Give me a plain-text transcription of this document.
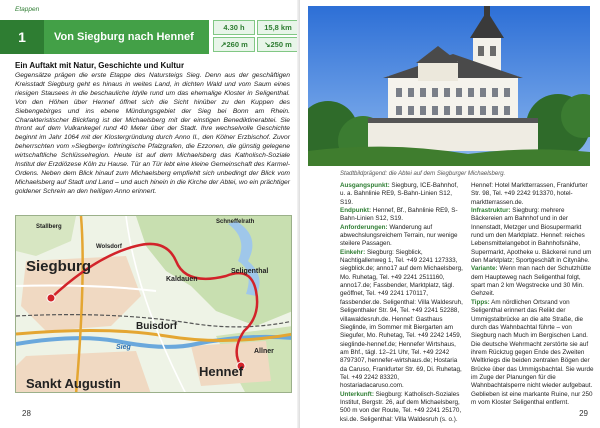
Etappen
1	Von Siegburg nach Hennef
4.30 h	15,8 km
↗260 m	↘250 m
Ein Auftakt mit Natur, Geschichte und Kultur
Gegensätze prägen die erste Etappe des Natursteigs Sieg. Denn aus der geschäftigen Kreisstadt Siegburg geht es hinaus in weites Land, in dichten Wald und vom Saum eines riesigen Stausees in die beschauliche Idylle rund um das ehemalige Kloster in Seligenthal. Von den Höhen über Hennef öffnet sich die Sicht hinüber zu den Kuppen des Siebengebirges und ins ebene Mündungsgebiet der Sieg bei Bonn am Rhein. Charakteristischer Blickfang ist der Michaelsberg mit der einstigen Benediktinerabtei. Sie thront auf dem Vulkankegel rund 40 Meter über der Stadt. Ihre wechselvolle Geschichte beginnt im Jahr 1064 mit der Klostergründung durch Anno II., den Kölner Erzbischof. Zuvor beherrschten vom »Siegberg« lothringische Pfalzgrafen, die Ezzonen, die günstig gelegene wirtschaftliche Schlüsselregion. Heute ist auf dem Michaelsberg das Katholisch-Soziale Institut der Erzdiözese Köln zu Hause. Tür an Tür lebt eine kleine Gemeinschaft des Karmel-Ordens. Neben dem Blick hinauf zum Michaelsberg empfiehlt sich unbedingt der Blick vom Michaelsberg auf Stadt und Land – und auch hinein in die Kirche der Abtei, wo ein prächtiger goldener Schrein an den heiligen Anno erinnert.
Siegburg
Sankt Augustin
Buisdorf
Hennef
Schneffelrath
Seligenthal
Kaldauen
Wolsdorf
Allner
Sieg
Stallberg
28
Stadtbildprägend: die Abtei auf dem Siegburger Michaelsberg.

Ausgangspunkt: Siegburg, ICE-Bahnhof, u. a. Bahnlinie RE9, S-Bahn-Linien S12, S19.

Endpunkt: Hennef, Bf., Bahnlinie RE9, S-Bahn-Linien S12, S19.

Anforderungen: Wanderung auf abwechslungsreichem Terrain, nur wenige steilere Passagen.

Einkehr: Siegburg: Siegblick, Nachtigallenweg 1, Tel. +49 2241 127333, siegblick.de; anno17 auf dem Michaelsberg, Mo. Ruhetag, Tel. +49 2241 2511160, anno17.de; Fassbender, Marktplatz, tägl. geöffnet, Tel. +49 2241 170117, fassbender.de. Seligenthal: Villa Waldesruh, Seligenthaler Str. 94, Tel. +49 2241 52288, villawaldesruh.de. Hennef: Gasthaus Sieglinde, im Sommer mit Biergarten am Siegufer, Mo. Ruhetag, Tel. +49 2242 1459, sieglinde-hennef.de; Hennefer Wirtshaus, am Bhf., tägl. 12–21 Uhr, Tel. +49 2242 8797307, hennefer-wirtshaus.de; Hostaria da Caruso, Frankfurter Str. 69, Di. Ruhetag, Tel. +49 2242 83320, hostariadacaruso.com.

Unterkunft: Siegburg: Katholisch-Soziales Institut, Bergstr. 26, auf dem Michaelsberg, 500 m von der Route, Tel. +49 2241 25170, ksi.de. Seligenthal: Villa Waldesruh (s. o.).

Hennef: Hotel Marktterrassen, Frankfurter Str. 98, Tel. +49 2242 913370, hotel-marktterrassen.de.

Infrastruktur: Siegburg: mehrere Bäckereien am Bahnhof und in der Innenstadt, Metzger und Biosupermarkt rund um den Marktplatz. Hennef: reiches Lebensmittelangebot in Bahnhofsnähe, Supermarkt, Apotheke u. Bäckerei rund um den Marktplatz; Sportgeschäft in Citynähe.

Variante: Wenn man nach der Schutzhütte dem Haupteweg nach Seligenthal folgt, spart man 2 km Wegstrecke und 30 Min. Gehzeit.

Tipps: Am nördlichen Ortsrand von Seligenthal erinnert das Relikt der Ummigstalbrücke an die alte Straße, die durch das Wahnbachtal führte – von Siegburg nach Much im Bergischen Land. Die deutsche Wehrmacht zerstörte sie auf ihrem Rückzug gegen Ende des Zweiten Weltkriegs die beiden zentralen Bögen der Brücke über das Ummigsbachtal. Sie wurde im Zuge der Planungen für die Wahnbachtalsperre nicht wieder aufgebaut. Geblieben ist eine markante Ruine, nur 250 m vom Kloster Seligenthal entfernt.

29
